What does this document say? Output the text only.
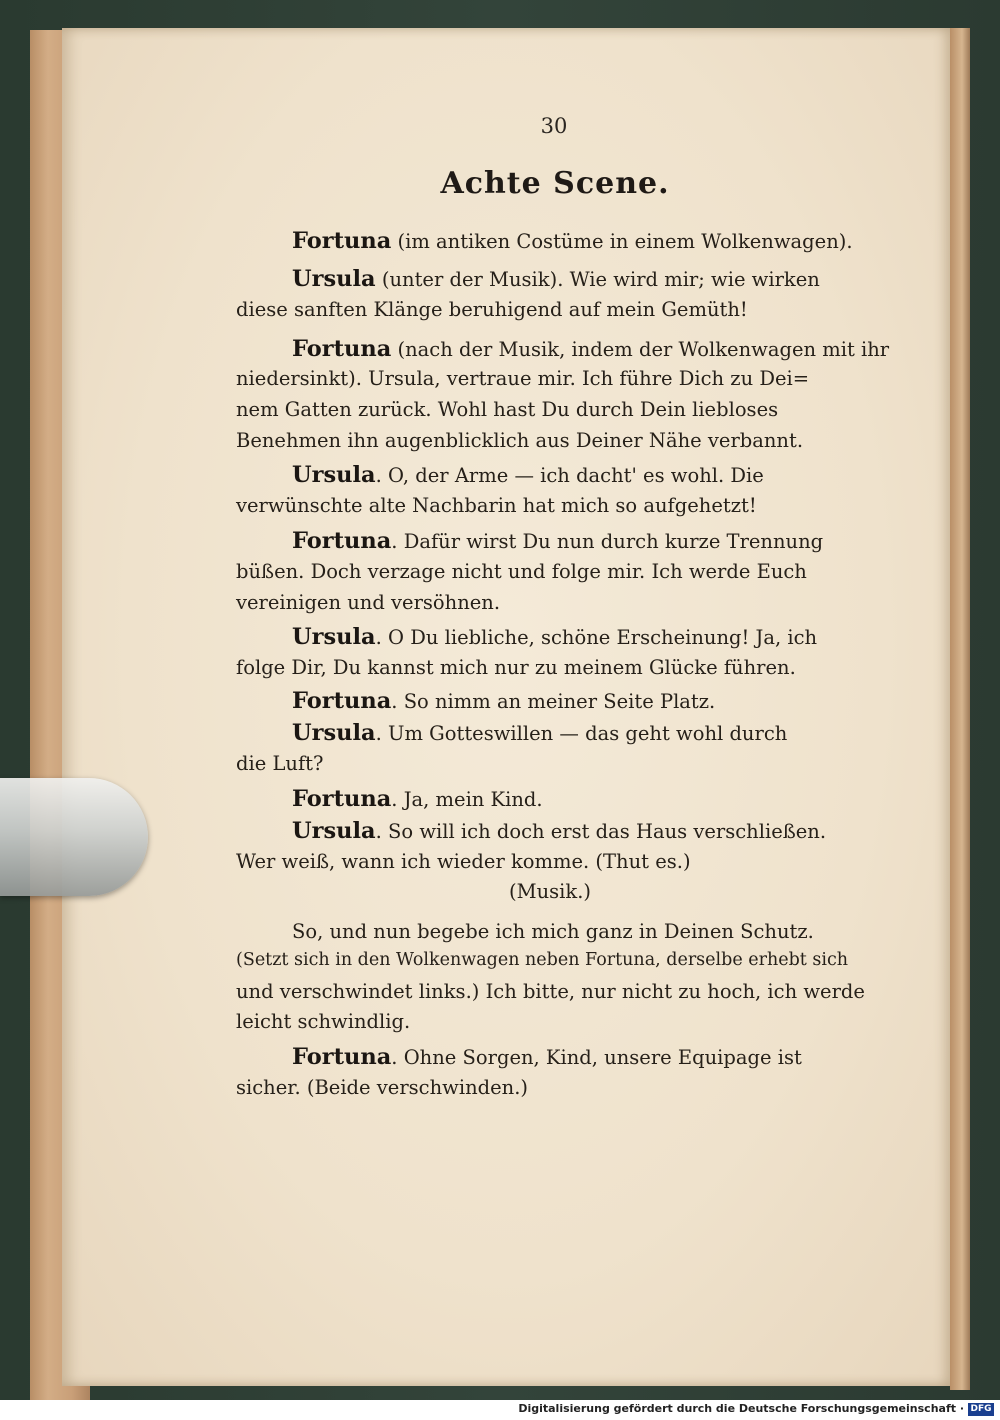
30
Achte Scene.
Fortuna (im antiken Costüme in einem Wolkenwagen).
Ursula (unter der Musik). Wie wird mir; wie wirken
diese sanften Klänge beruhigend auf mein Gemüth!
Fortuna (nach der Musik, indem der Wolkenwagen mit ihr
niedersinkt). Ursula, vertraue mir. Ich führe Dich zu Dei=
nem Gatten zurück. Wohl hast Du durch Dein liebloses
Benehmen ihn augenblicklich aus Deiner Nähe verbannt.
Ursula. O, der Arme — ich dacht' es wohl. Die
verwünschte alte Nachbarin hat mich so aufgehetzt!
Fortuna. Dafür wirst Du nun durch kurze Trennung
büßen. Doch verzage nicht und folge mir. Ich werde Euch
vereinigen und versöhnen.
Ursula. O Du liebliche, schöne Erscheinung! Ja, ich
folge Dir, Du kannst mich nur zu meinem Glücke führen.
Fortuna. So nimm an meiner Seite Platz.
Ursula. Um Gotteswillen — das geht wohl durch
die Luft?
Fortuna. Ja, mein Kind.
Ursula. So will ich doch erst das Haus verschließen.
Wer weiß, wann ich wieder komme. (Thut es.)
(Musik.)
So, und nun begebe ich mich ganz in Deinen Schutz.
(Setzt sich in den Wolkenwagen neben Fortuna, derselbe erhebt sich
und verschwindet links.) Ich bitte, nur nicht zu hoch, ich werde
leicht schwindlig.
Fortuna. Ohne Sorgen, Kind, unsere Equipage ist
sicher. (Beide verschwinden.)
Digitalisierung gefördert durch die Deutsche Forschungsgemeinschaft · DFG
